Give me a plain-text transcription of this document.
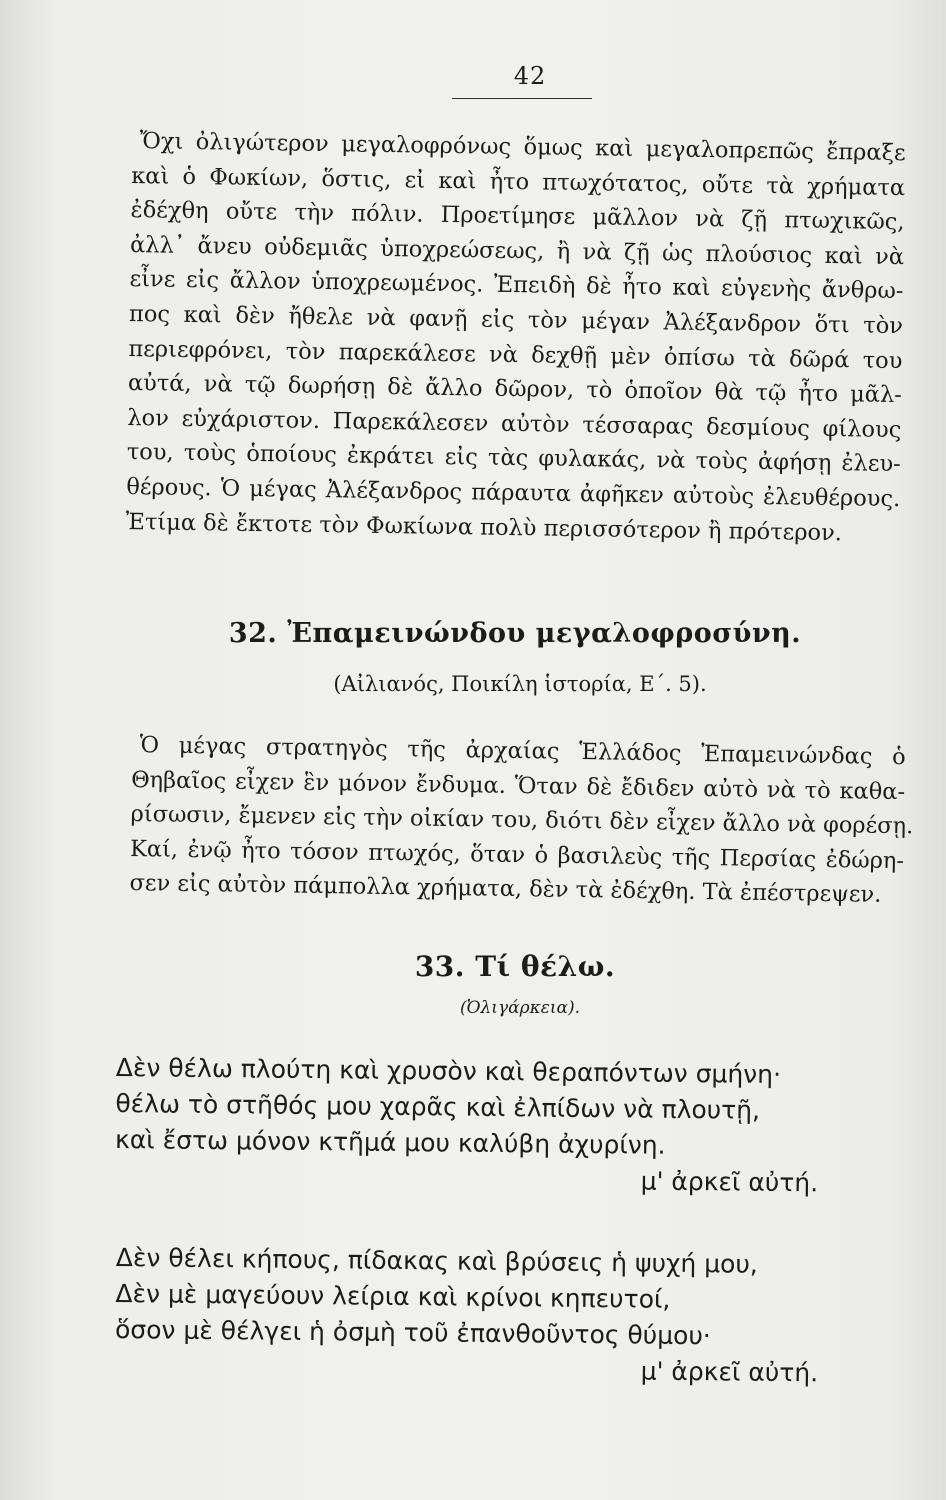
42
Ὄχι ὀλιγώτερον μεγαλοφρόνως ὅμως καὶ μεγαλοπρεπῶς ἔπραξε
καὶ ὁ Φωκίων, ὅστις, εἰ καὶ ἦτο πτωχότατος, οὔτε τὰ χρήματα
ἐδέχθη οὔτε τὴν πόλιν. Προετίμησε μᾶλλον νὰ ζῇ πτωχικῶς,
ἀλλ᾽ ἄνευ οὐδεμιᾶς ὑποχρεώσεως, ἢ νὰ ζῇ ὡς πλούσιος καὶ νὰ
εἶνε εἰς ἄλλον ὑποχρεωμένος. Ἐπειδὴ δὲ ἦτο καὶ εὐγενὴς ἄνθρω-
πος καὶ δὲν ἤθελε νὰ φανῇ εἰς τὸν μέγαν Ἀλέξανδρον ὅτι τὸν
περιεφρόνει, τὸν παρεκάλεσε νὰ δεχθῇ μὲν ὀπίσω τὰ δῶρά του
αὐτά, νὰ τῷ δωρήσῃ δὲ ἄλλο δῶρον, τὸ ὁποῖον θὰ τῷ ἦτο μᾶλ-
λον εὐχάριστον. Παρεκάλεσεν αὐτὸν τέσσαρας δεσμίους φίλους
του, τοὺς ὁποίους ἐκράτει εἰς τὰς φυλακάς, νὰ τοὺς ἀφήσῃ ἐλευ-
θέρους. Ὁ μέγας Ἀλέξανδρος πάραυτα ἀφῆκεν αὐτοὺς ἐλευθέρους.
Ἐτίμα δὲ ἔκτοτε τὸν Φωκίωνα πολὺ περισσότερον ἢ πρότερον.
32. Ἐπαμεινώνδου μεγαλοφροσύνη.
(Αἰλιανός, Ποικίλη ἱστορία, Ε΄. 5).
Ὁ μέγας στρατηγὸς τῆς ἀρχαίας Ἑλλάδος Ἐπαμεινώνδας ὁ
Θηβαῖος εἶχεν ἓν μόνον ἔνδυμα. Ὅταν δὲ ἔδιδεν αὐτὸ νὰ τὸ καθα-
ρίσωσιν, ἔμενεν εἰς τὴν οἰκίαν του, διότι δὲν εἶχεν ἄλλο νὰ φορέσῃ.
Καί, ἐνῷ ἦτο τόσον πτωχός, ὅταν ὁ βασιλεὺς τῆς Περσίας ἐδώρη-
σεν εἰς αὐτὸν πάμπολλα χρήματα, δὲν τὰ ἐδέχθη. Τὰ ἐπέστρεψεν.
33. Τί θέλω.
(Ὀλιγάρκεια).
Δὲν θέλω πλούτη καὶ χρυσὸν καὶ θεραπόντων σμήνη·
θέλω τὸ στῆθός μου χαρᾶς καὶ ἐλπίδων νὰ πλουτῇ,
καὶ ἔστω μόνον κτῆμά μου καλύβη ἀχυρίνη.
μ' ἀρκεῖ αὐτή.
Δὲν θέλει κήπους, πίδακας καὶ βρύσεις ἡ ψυχή μου,
Δὲν μὲ μαγεύουν λείρια καὶ κρίνοι κηπευτοί,
ὅσον μὲ θέλγει ἡ ὀσμὴ τοῦ ἐπανθοῦντος θύμου·
μ' ἀρκεῖ αὐτή.
